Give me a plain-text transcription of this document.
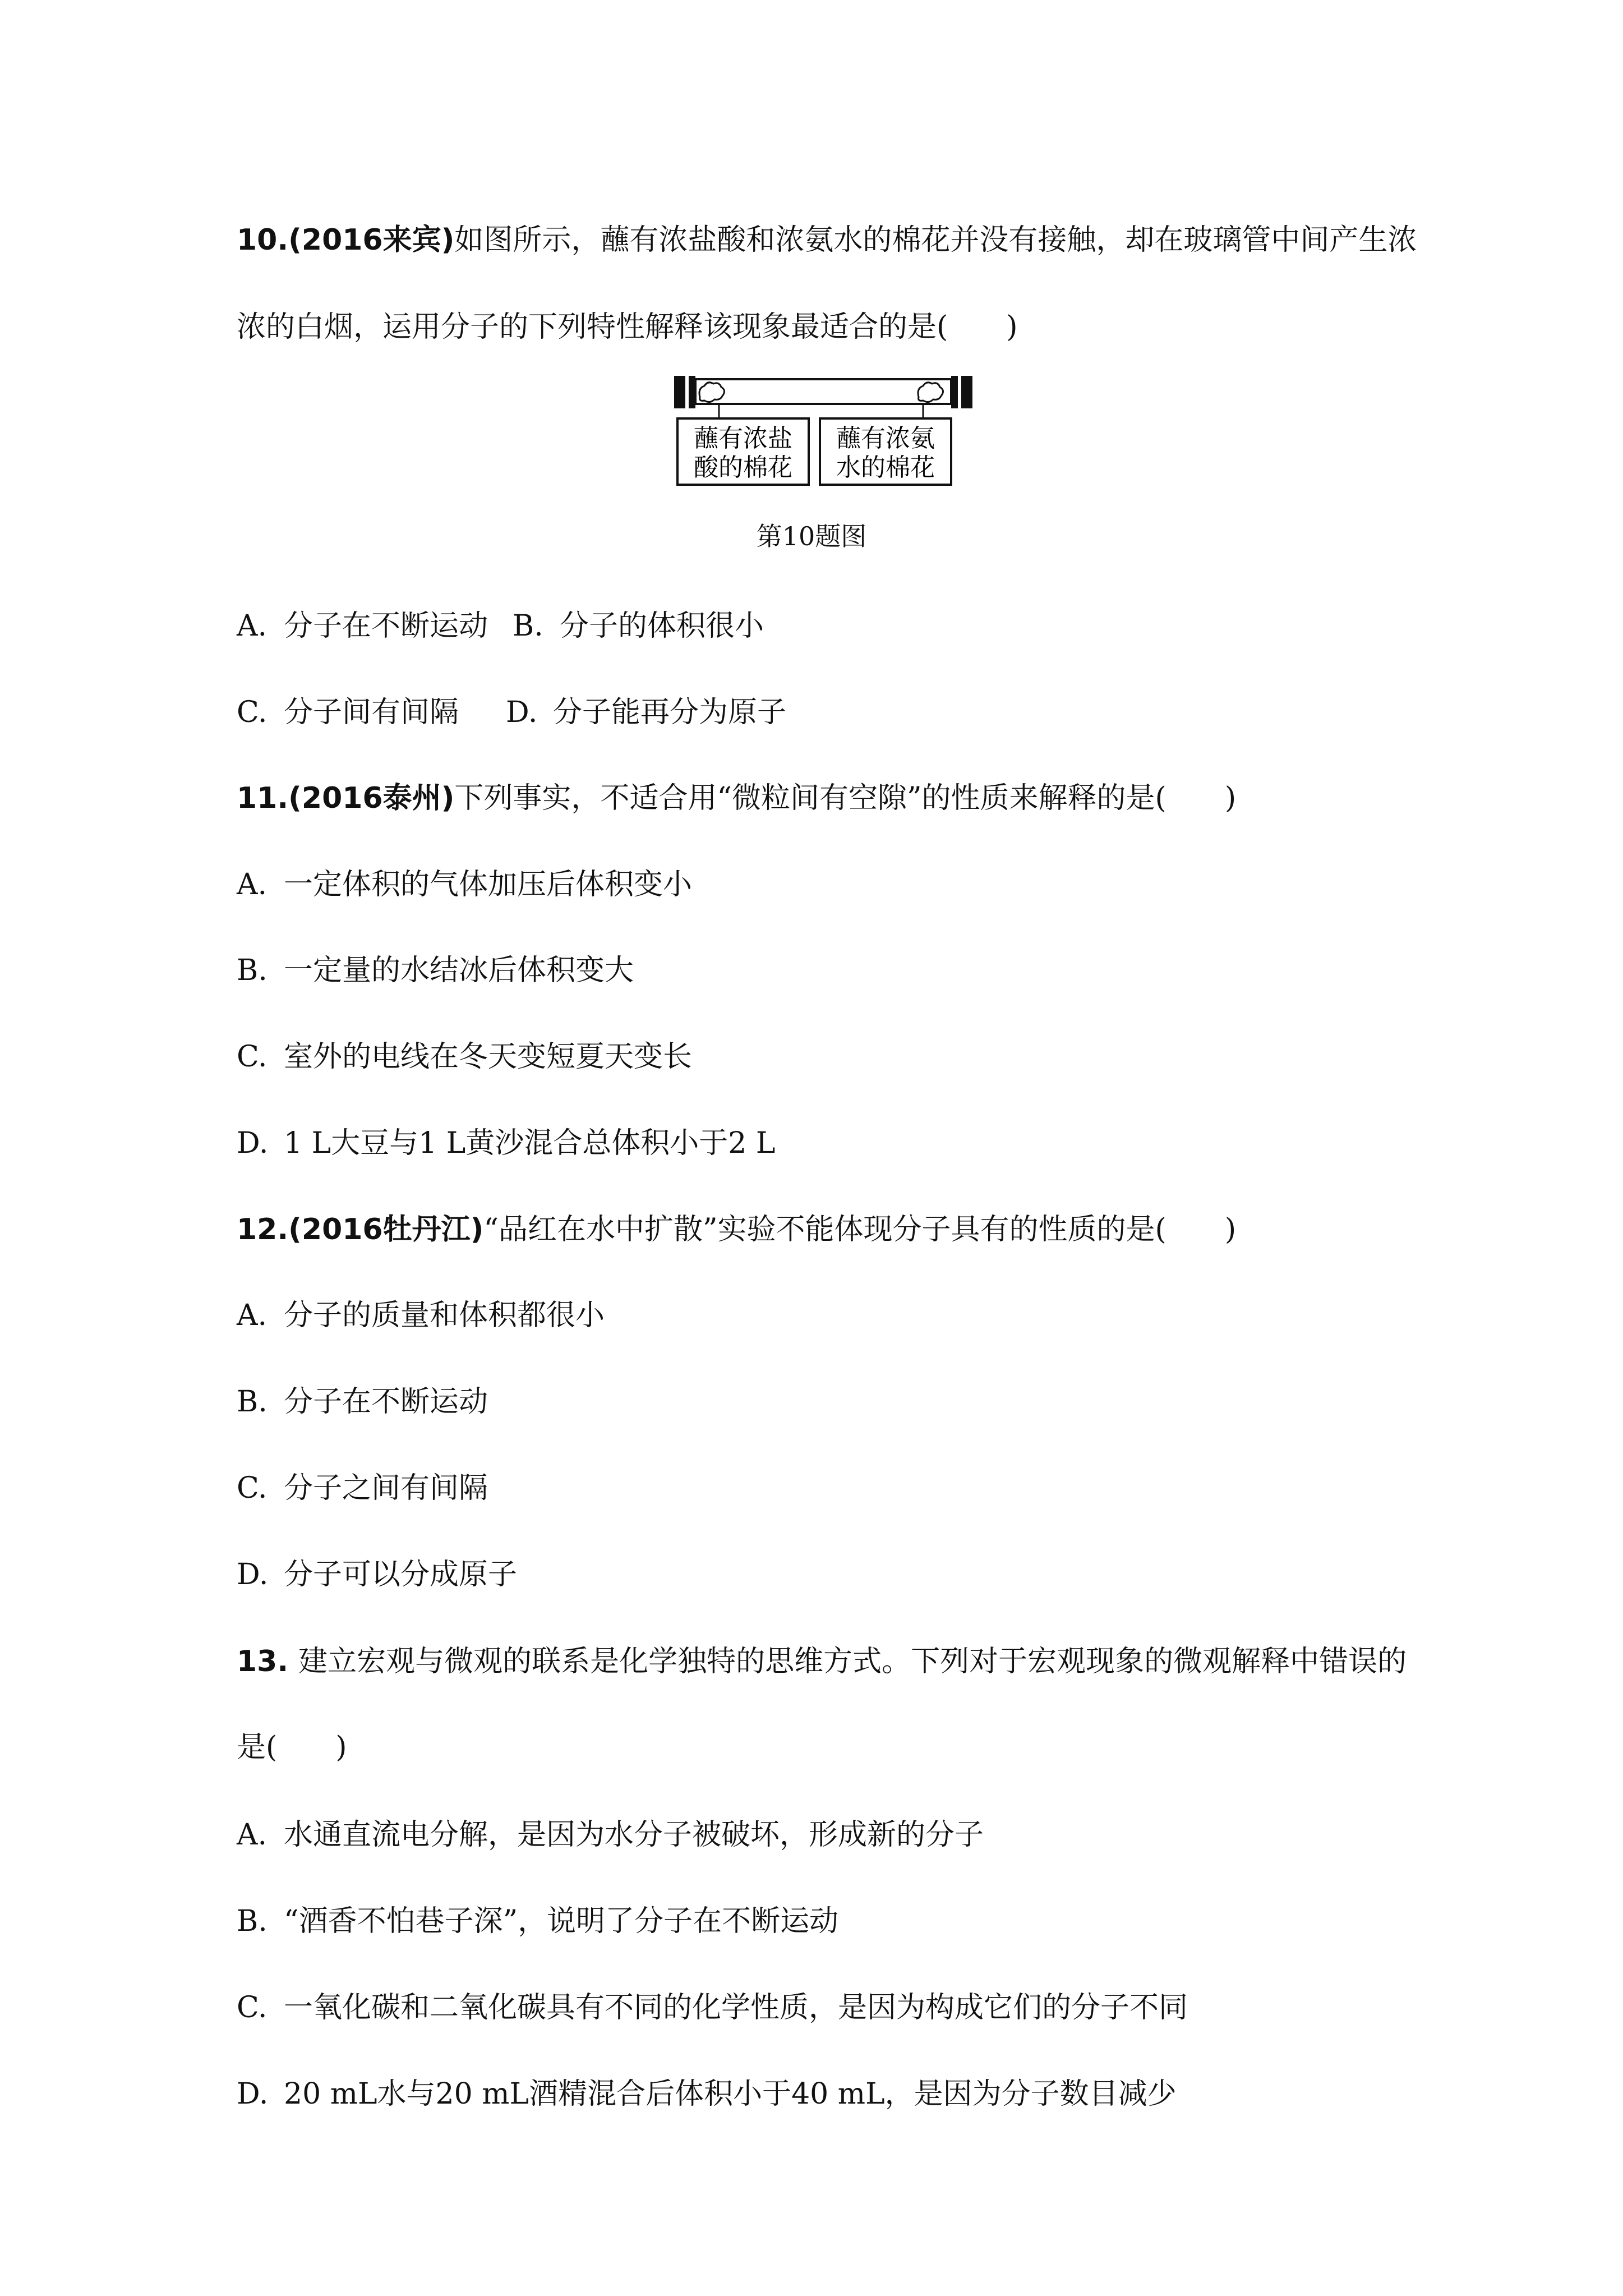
10.(2016来宾)如图所示，蘸有浓盐酸和浓氨水的棉花并没有接触，却在玻璃管中间产生浓
浓的白烟，运用分子的下列特性解释该现象最适合的是(　　)
蘸有浓盐
酸的棉花
蘸有浓氨
水的棉花
第10题图
A. 分子在不断运动 B. 分子的体积很小
C. 分子间有间隔 D. 分子能再分为原子
11.(2016泰州)下列事实，不适合用“微粒间有空隙”的性质来解释的是(　　)
A. 一定体积的气体加压后体积变小
B. 一定量的水结冰后体积变大
C. 室外的电线在冬天变短夏天变长
D. 1 L大豆与1 L黄沙混合总体积小于2 L
12.(2016牡丹江)“品红在水中扩散”实验不能体现分子具有的性质的是(　　)
A. 分子的质量和体积都很小
B. 分子在不断运动
C. 分子之间有间隔
D. 分子可以分成原子
13. 建立宏观与微观的联系是化学独特的思维方式。下列对于宏观现象的微观解释中错误的
是(　　)
A. 水通直流电分解，是因为水分子被破坏，形成新的分子
B. “酒香不怕巷子深”，说明了分子在不断运动
C. 一氧化碳和二氧化碳具有不同的化学性质，是因为构成它们的分子不同
D. 20 mL水与20 mL酒精混合后体积小于40 mL，是因为分子数目减少
